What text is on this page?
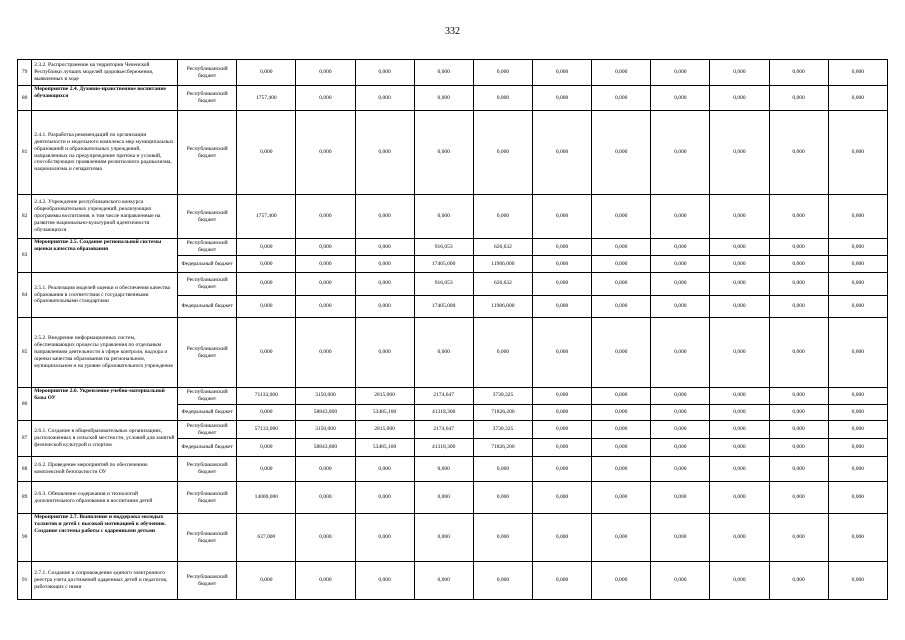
332
79	2.3.2. Распространение на территории Чеченской Республики лучших моделей здоровьесбережения, выявленных в ходе	Республиканский бюджет	0,000	0,000	0,000	0,000	0,000	0,000	0,000	0,000	0,000	0,000	0,000
80	Мероприятие 2.4. Духовно-нравственное воспитание обучающихся	Республиканский бюджет	1757,400	0,000	0,000	0,000	0,000	0,000	0,000	0,000	0,000	0,000	0,000
81	2.4.1. Разработка рекомендаций по организации деятельности и модельного комплекса мер муниципальных образований и образовательных учреждений, направленных на предупреждение притока и условий, способствующих проявлениям религиозного радикализма, национализма и сепаратизма	Республиканский бюджет	0,000	0,000	0,000	0,000	0,000	0,000	0,000	0,000	0,000	0,000	0,000
82	2.4.2. Учреждение республиканского конкурса общеобразовательных учреждений, реализующих программы воспитания, в том числе направленные на развитие национально-культурной идентичности обучающихся	Республиканский бюджет	1757,400	0,000	0,000	0,000	0,000	0,000	0,000	0,000	0,000	0,000	0,000
83	Мероприятие 2.5. Создание региональной системы оценки качества образования	Республиканский бюджет	0,000	0,000	0,000	916,053	626,632	0,000	0,000	0,000	0,000	0,000	0,000
		Федеральный бюджет	0,000	0,000	0,000	17405,000	11906,000	0,000	0,000	0,000	0,000	0,000	0,000
84	2.5.1. Реализация моделей оценки и обеспечения качества образования в соответствии с государственными образовательными стандартами	Республиканский бюджет	0,000	0,000	0,000	916,053	626,632	0,000	0,000	0,000	0,000	0,000	0,000
		Федеральный бюджет	0,000	0,000	0,000	17405,000	11906,000	0,000	0,000	0,000	0,000	0,000	0,000
85	2.5.2. Внедрение информационных систем, обеспечивающих процессы управления по отдельным направлениям деятельности в сфере контроля, надзора и оценки качества образования на региональном, муниципальном и на уровне образовательного учреждения	Республиканский бюджет	0,000	0,000	0,000	0,000	0,000	0,000	0,000	0,000	0,000	0,000	0,000
86	Мероприятие 2.6. Укрепление учебно-материальной базы ОУ	Республиканский бюджет	71133,000	3150,000	2815,000	2174,647	3730,325	0,000	0,000	0,000	0,000	0,000	0,000
		Федеральный бюджет	0,000	58843,800	53485,100	41318,300	71826,200	0,000	0,000	0,000	0,000	0,000	0,000
87	2.6.1. Создание в общеобразовательных организациях, расположенных в сельской местности, условий для занятий физической культурой и спортом	Республиканский бюджет	57133,000	3150,000	2815,000	2174,647	3730,325	0,000	0,000	0,000	0,000	0,000	0,000
		Федеральный бюджет	0,000	58843,800	53485,100	41318,300	71826,200	0,000	0,000	0,000	0,000	0,000	0,000
88	2.6.2. Проведение мероприятий по обеспечению комплексной безопасности ОУ	Республиканский бюджет	0,000	0,000	0,000	0,000	0,000	0,000	0,000	0,000	0,000	0,000	0,000
89	2.6.3. Обновление содержания и технологий дополнительного образования и воспитания детей	Республиканский бюджет	14000,000	0,000	0,000	0,000	0,000	0,000	0,000	0,000	0,000	0,000	0,000
90	Мероприятие 2.7. Выявление и поддержка молодых талантов и детей с высокой мотивацией к обучению. Создание системы работы с одаренными детьми	Республиканский бюджет	637,000	0,000	0,000	0,000	0,000	0,000	0,000	0,000	0,000	0,000	0,000
91	2.7.1. Создание и сопровождение единого электронного реестра учета достижений одаренных детей и педагогов, работающих с ними	Республиканский бюджет	0,000	0,000	0,000	0,000	0,000	0,000	0,000	0,000	0,000	0,000	0,000
